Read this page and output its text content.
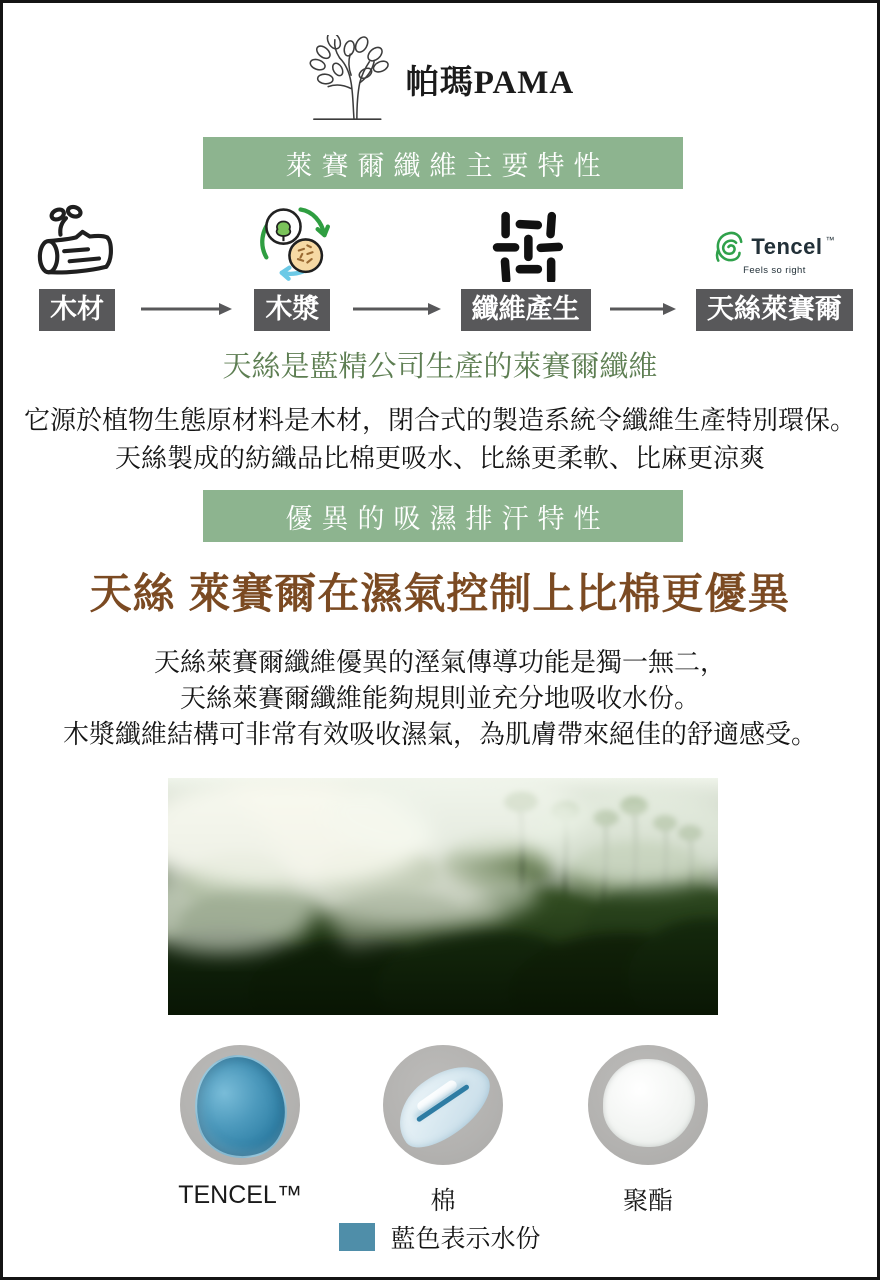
帕瑪PAMA
萊賽爾纖維主要特性
木材	木漿	纖維產生
Tencel ™
Feels so right
天絲萊賽爾
天絲是藍精公司生產的萊賽爾纖維
它源於植物生態原材料是木材，閉合式的製造系統令纖維生產特別環保。
天絲製成的紡織品比棉更吸水、比絲更柔軟、比麻更涼爽
優異的吸濕排汗特性
天絲 萊賽爾在濕氣控制上比棉更優異
天絲萊賽爾纖維優異的溼氣傳導功能是獨一無二，
天絲萊賽爾纖維能夠規則並充分地吸收水份。
木漿纖維結構可非常有效吸收濕氣，為肌膚帶來絕佳的舒適感受。
TENCEL™	棉	聚酯
藍色表示水份
